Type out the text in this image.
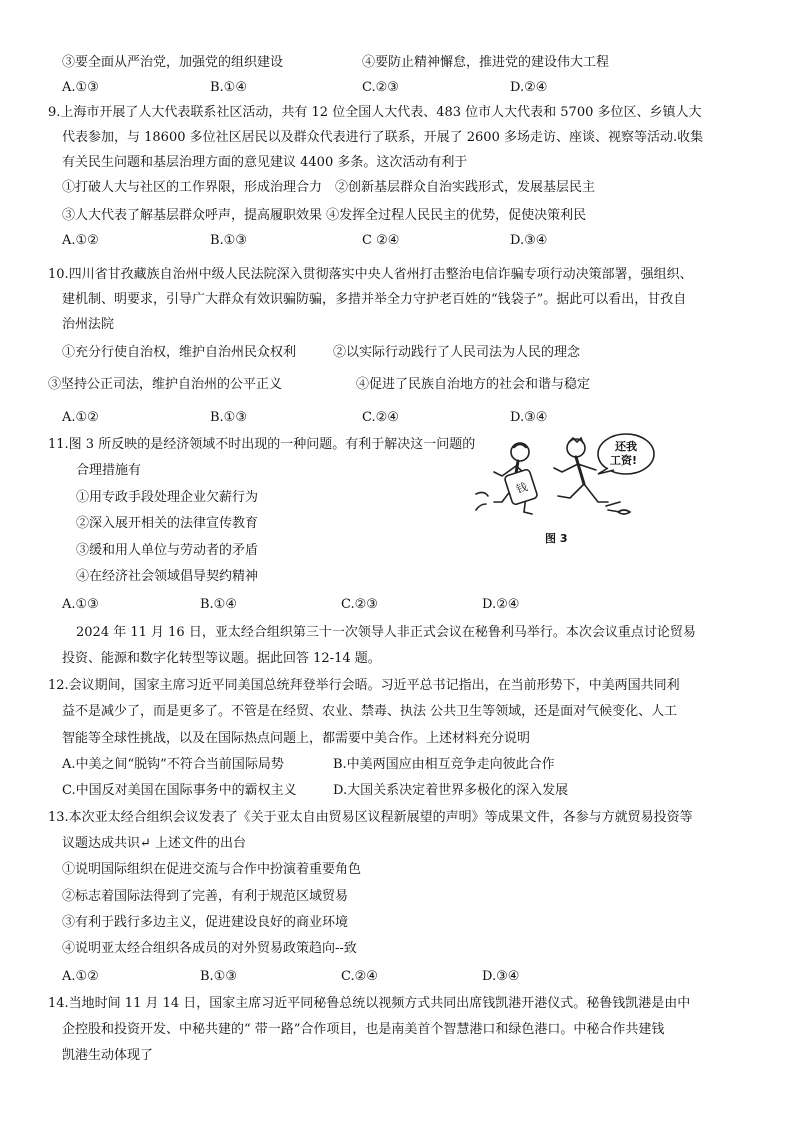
③要全面从严治党，加强党的组织建设	④要防止精神懈怠，推进党的建设伟大工程
A.①③	B.①④	C.②③	D.②④
9.上海市开展了人大代表联系社区活动，共有 12 位全国人大代表、483 位市人大代表和 5700 多位区、乡镇人大
代表参加，与 18600 多位社区居民以及群众代表进行了联系，开展了 2600 多场走访、座谈、视察等活动.收集
有关民生问题和基层治理方面的意见建议 4400 多条。这次活动有利于
①打破人大与社区的工作界限，形成治理合力　②创新基层群众自治实践形式，发展基层民主
③人大代表了解基层群众呼声，提高履职效果 ④发挥全过程人民民主的优势，促使决策利民
A.①②	B.①③	C ②④	D.③④
10.四川省甘孜藏族自治州中级人民法院深入贯彻落实中央人省州打击整治电信诈骗专项行动决策部署，强组织、
建机制、明要求，引导广大群众有效识骗防骗，多措并举全力守护老百姓的“钱袋子”。据此可以看出，甘孜自
治州法院
①充分行使自治权，维护自治州民众权利	②以实际行动践行了人民司法为人民的理念
③坚持公正司法，维护自治州的公平正义	④促进了民族自治地方的社会和谐与稳定
A.①②	B.①③	C.②④	D.③④
11.图 3 所反映的是经济领域不时出现的一种问题。有利于解决这一问题的
合理措施有
①用专政手段处理企业欠薪行为
②深入展开相关的法律宣传教育
③缓和用人单位与劳动者的矛盾
④在经济社会领域倡导契约精神
A.①③	B.①④	C.②③	D.②④
钱
还我
工资!
图 3
2024 年 11 月 16 日，亚太经合组织第三十一次领导人非正式会议在秘鲁利马举行。本次会议重点讨论贸易
投资、能源和数字化转型等议题。据此回答 12-14 题。
12.会议期间，国家主席习近平同美国总统拜登举行会晤。习近平总书记指出，在当前形势下，中美两国共同利
益不是减少了，而是更多了。不管是在经贸、农业、禁毒、执法 公共卫生等领域，还是面对气候变化、人工
智能等全球性挑战，以及在国际热点问题上，都需要中美合作。上述材料充分说明
A.中美之间“脱钩”不符合当前国际局势	B.中美两国应由相互竞争走向彼此合作
C.中国反对美国在国际事务中的霸权主义	D.大国关系决定着世界多极化的深入发展
13.本次亚太经合组织会议发表了《关于亚太自由贸易区议程新展望的声明》等成果文件，各参与方就贸易投资等
议题达成共识↵ 上述文件的出台
①说明国际组织在促进交流与合作中扮演着重要角色
②标志着国际法得到了完善，有利于规范区域贸易
③有利于践行多边主义，促进建设良好的商业环境
④说明亚太经合组织各成员的对外贸易政策趋向--致
A.①②	B.①③	C.②④	D.③④
14.当地时间 11 月 14 日，国家主席习近平同秘鲁总统以视频方式共同出席钱凯港开港仪式。秘鲁钱凯港是由中
企控股和投资开发、中秘共建的“ 带一路”合作项目，也是南美首个智慧港口和绿色港口。中秘合作共建钱
凯港生动体现了
